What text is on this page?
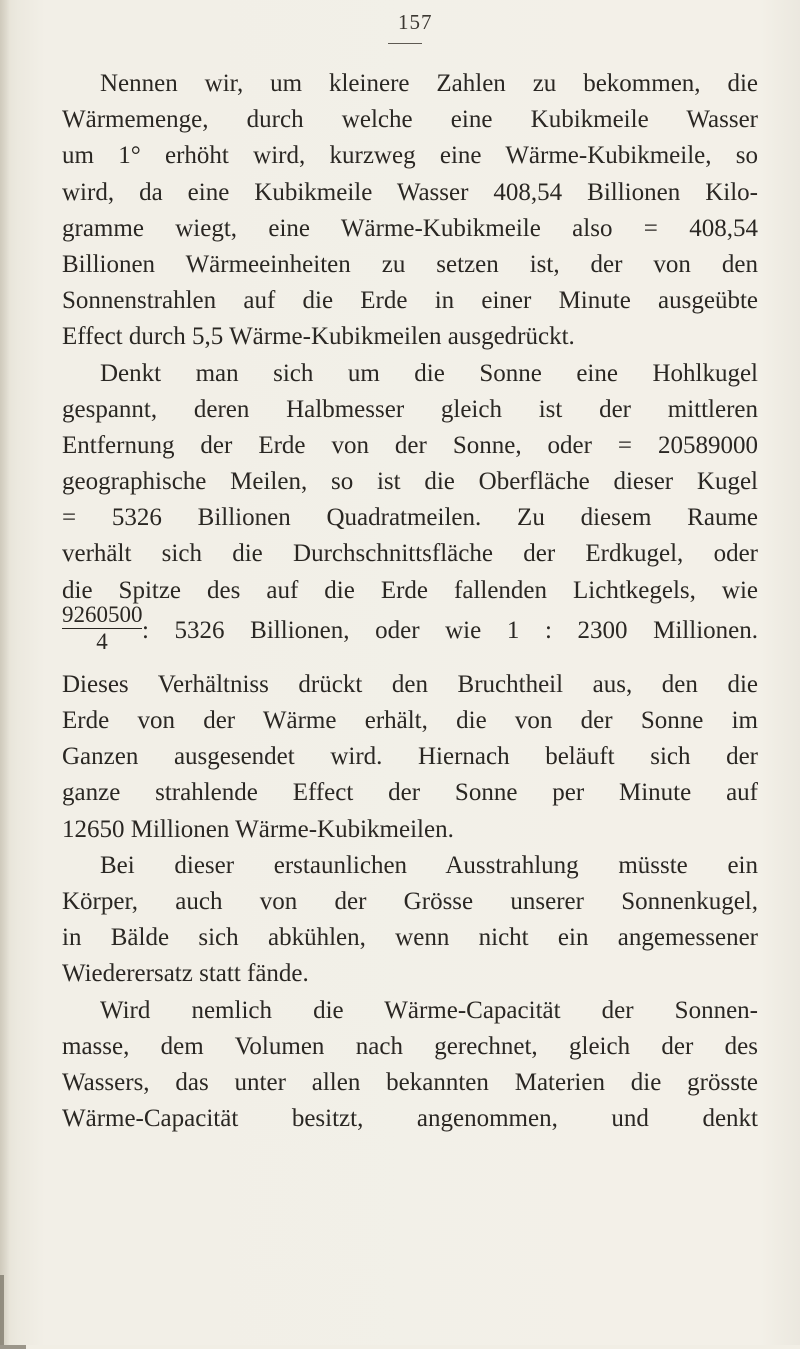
157
Nennen wir, um kleinere Zahlen zu bekommen, die
Wärmemenge, durch welche eine Kubikmeile Wasser
um 1° erhöht wird, kurzweg eine Wärme-Kubikmeile, so
wird, da eine Kubikmeile Wasser 408,54 Billionen Kilo-
gramme wiegt, eine Wärme-Kubikmeile also = 408,54
Billionen Wärmeeinheiten zu setzen ist, der von den
Sonnenstrahlen auf die Erde in einer Minute ausgeübte
Effect durch 5,5 Wärme-Kubikmeilen ausgedrückt.
Denkt man sich um die Sonne eine Hohlkugel
gespannt, deren Halbmesser gleich ist der mittleren
Entfernung der Erde von der Sonne, oder = 20589000
geographische Meilen, so ist die Oberfläche dieser Kugel
= 5326 Billionen Quadratmeilen. Zu diesem Raume
verhält sich die Durchschnittsfläche der Erdkugel, oder
die Spitze des auf die Erde fallenden Lichtkegels, wie
$\frac{9260500}{4}$ : 5326 Billionen, oder wie 1 : 2300 Millionen.
Dieses Verhältniss drückt den Bruchtheil aus, den die
Erde von der Wärme erhält, die von der Sonne im
Ganzen ausgesendet wird. Hiernach beläuft sich der
ganze strahlende Effect der Sonne per Minute auf
12650 Millionen Wärme-Kubikmeilen.
Bei dieser erstaunlichen Ausstrahlung müsste ein
Körper, auch von der Grösse unserer Sonnenkugel,
in Bälde sich abkühlen, wenn nicht ein angemessener
Wiederersatz statt fände.
Wird nemlich die Wärme-Capacität der Sonnen-
masse, dem Volumen nach gerechnet, gleich der des
Wassers, das unter allen bekannten Materien die grösste
Wärme-Capacität besitzt, angenommen, und denkt
